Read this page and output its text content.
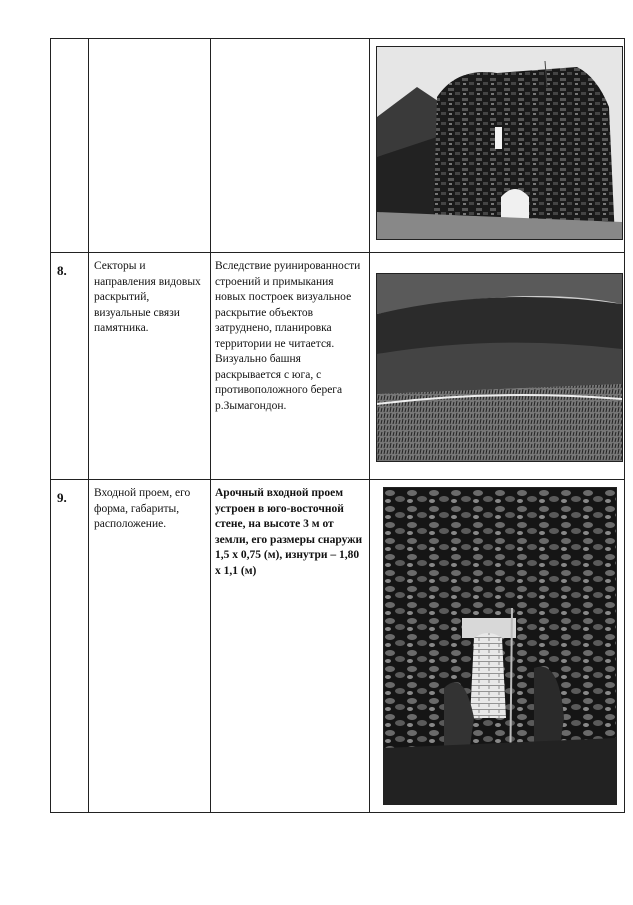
8. Секторы и направления видовых раскрытий, визуальные связи памятника.
Вследствие руинированности строений и примыкания новых построек визуальное раскрытие объектов затруднено, планировка территории не читается. Визуально башня раскрывается с юга, с противоположного берега р.Зымагондон.
9. Входной проем, его форма, габариты, расположение.
Арочный входной проем устроен в юго-восточной стене, на высоте 3 м от земли, его размеры снаружи 1,5 х 0,75 (м), изнутри – 1,80 х 1,1 (м)
